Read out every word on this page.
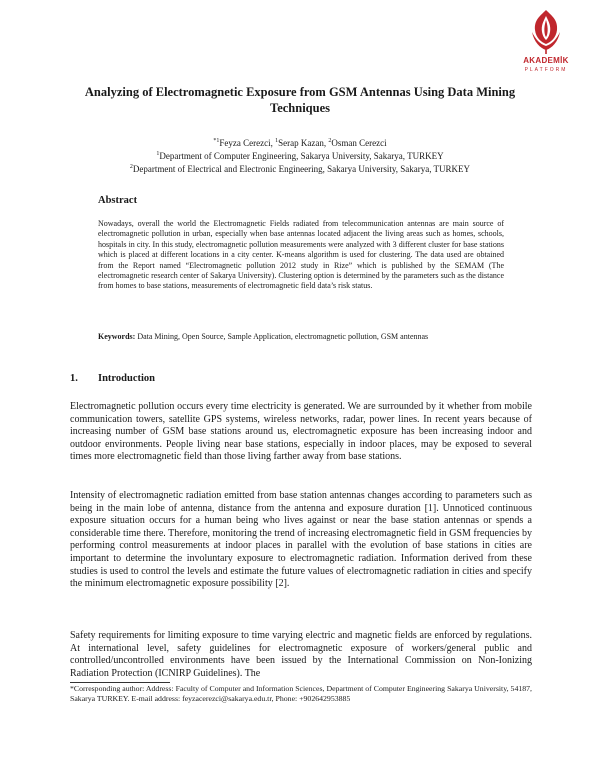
AKADEMİK
PLATFORM
Analyzing of Electromagnetic Exposure from GSM Antennas Using Data Mining Techniques
$^{*1}$Feyza Cerezci, $^1$Serap Kazan, $^2$Osman Cerezci
$^1$Department of Computer Engineering, Sakarya University, Sakarya, TURKEY
$^2$Department of Electrical and Electronic Engineering, Sakarya University, Sakarya, TURKEY
Abstract

Nowadays, overall the world the Electromagnetic Fields radiated from telecommunication antennas are main source of electromagnetic pollution in urban, especially when base antennas located adjacent the living areas such as homes, schools, hospitals in city. In this study, electromagnetic pollution measurements were analyzed with 3 different cluster for base stations which is placed at different locations in a city center. K-means algorithm is used for clustering. The data used are obtained from the Report named “Electromagnetic pollution 2012 study in Rize” which is published by the SEMAM (The electromagnetic research center of Sakarya University). Clustering option is determined by the parameters such as the distance from homes to base stations, measurements of electromagnetic field data’s risk status.

Keywords: Data Mining, Open Source, Sample Application, electromagnetic pollution, GSM antennas

1. Introduction

Electromagnetic pollution occurs every time electricity is generated. We are surrounded by it whether from mobile communication towers, satellite GPS systems, wireless networks, radar, power lines. In recent years because of increasing number of GSM base stations around us, electromagnetic exposure has been increasing indoor and outdoor environments. People living near base stations, especially in indoor places, may be exposed to several times more electromagnetic field than those living farther away from base stations.

Intensity of electromagnetic radiation emitted from base station antennas changes according to parameters such as being in the main lobe of antenna, distance from the antenna and exposure duration [1]. Unnoticed continuous exposure situation occurs for a human being who lives against or near the base station antennas or spends a considerable time there. Therefore, monitoring the trend of increasing electromagnetic field in GSM frequencies by performing control measurements at indoor places in parallel with the evolution of base stations in cities are important to determine the involuntary exposure to electromagnetic radiation. Information derived from these studies is used to control the levels and estimate the future values of electromagnetic radiation in cities and specify the minimum electromagnetic exposure possibility [2].

Safety requirements for limiting exposure to time varying electric and magnetic fields are enforced by regulations. At international level, safety guidelines for electromagnetic exposure of workers/general public and controlled/uncontrolled environments have been issued by the International Commission on Non-Ionizing Radiation Protection (ICNIRP Guidelines). The

*Corresponding author: Address: Faculty of Computer and Information Sciences, Department of Computer Engineering Sakarya University, 54187, Sakarya TURKEY. E-mail address: feyzacerezci@sakarya.edu.tr, Phone: +902642953885
